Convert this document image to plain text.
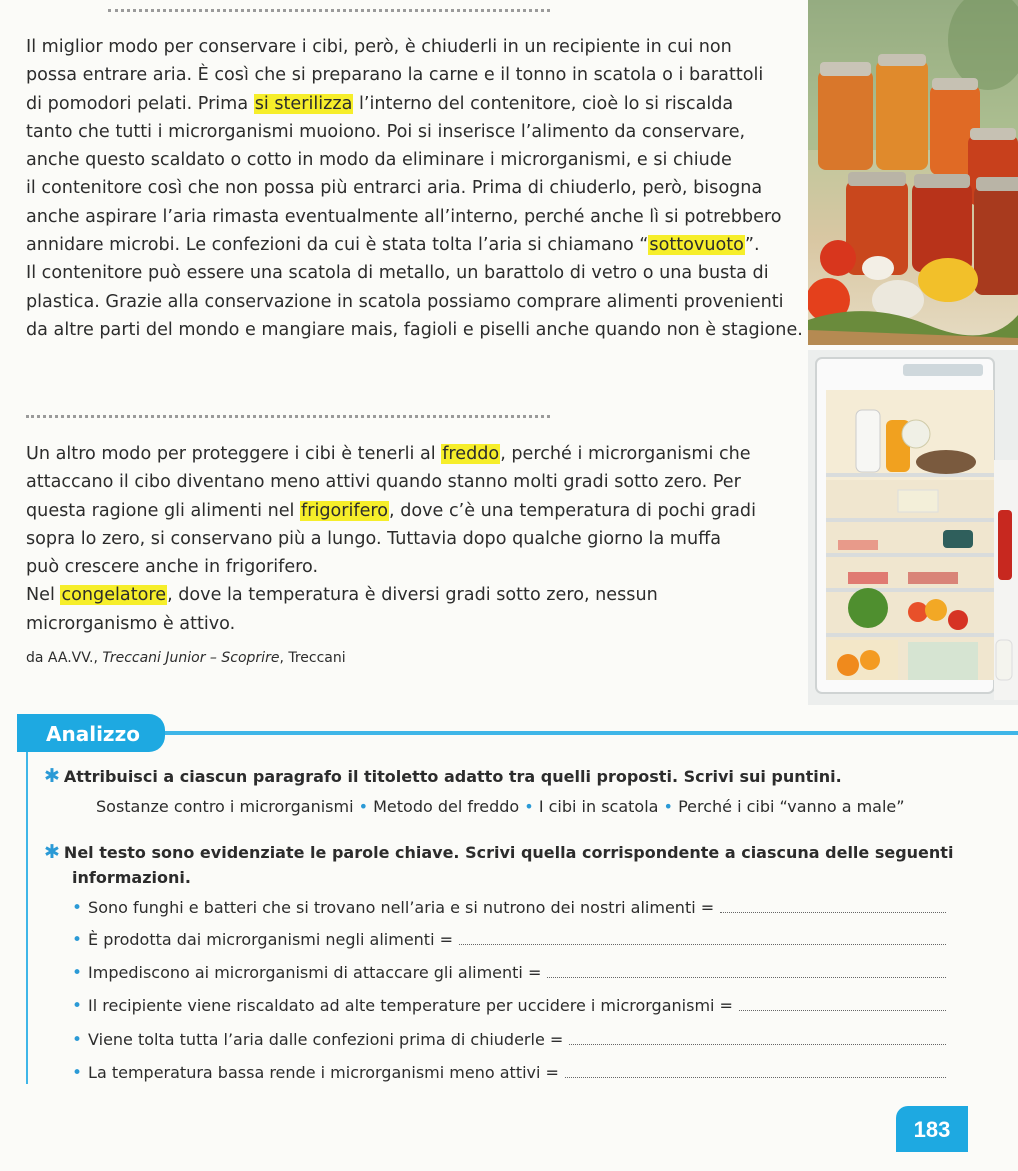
Il miglior modo per conservare i cibi, però, è chiuderli in un recipiente in cui non
possa entrare aria. È così che si preparano la carne e il tonno in scatola o i barattoli
di pomodori pelati. Prima si sterilizza l’interno del contenitore, cioè lo si riscalda
tanto che tutti i microrganismi muoiono. Poi si inserisce l’alimento da conservare,
anche questo scaldato o cotto in modo da eliminare i microrganismi, e si chiude
il contenitore così che non possa più entrarci aria. Prima di chiuderlo, però, bisogna
anche aspirare l’aria rimasta eventualmente all’interno, perché anche lì si potrebbero
annidare microbi. Le confezioni da cui è stata tolta l’aria si chiamano “sottovuoto”.
Il contenitore può essere una scatola di metallo, un barattolo di vetro o una busta di
plastica. Grazie alla conservazione in scatola possiamo comprare alimenti provenienti
da altre parti del mondo e mangiare mais, fagioli e piselli anche quando non è stagione.
Un altro modo per proteggere i cibi è tenerli al freddo, perché i microrganismi che
attaccano il cibo diventano meno attivi quando stanno molti gradi sotto zero. Per
questa ragione gli alimenti nel frigorifero, dove c’è una temperatura di pochi gradi
sopra lo zero, si conservano più a lungo. Tuttavia dopo qualche giorno la muffa
può crescere anche in frigorifero.
Nel congelatore, dove la temperatura è diversi gradi sotto zero, nessun
microrganismo è attivo.

da AA.VV., Treccani Junior – Scoprire, Treccani

Analizzo

✱ Attribuisci a ciascun paragrafo il titoletto adatto tra quelli proposti. Scrivi sui puntini.

Sostanze contro i microrganismi • Metodo del freddo • I cibi in scatola • Perché i cibi “vanno a male”

✱ Nel testo sono evidenziate le parole chiave. Scrivi quella corrispondente a ciascuna delle seguenti
informazioni.

• Sono funghi e batteri che si trovano nell’aria e si nutrono dei nostri alimenti =
• È prodotta dai microrganismi negli alimenti =
• Impediscono ai microrganismi di attaccare gli alimenti =
• Il recipiente viene riscaldato ad alte temperature per uccidere i microrganismi =
• Viene tolta tutta l’aria dalle confezioni prima di chiuderle =
• La temperatura bassa rende i microrganismi meno attivi =
183
